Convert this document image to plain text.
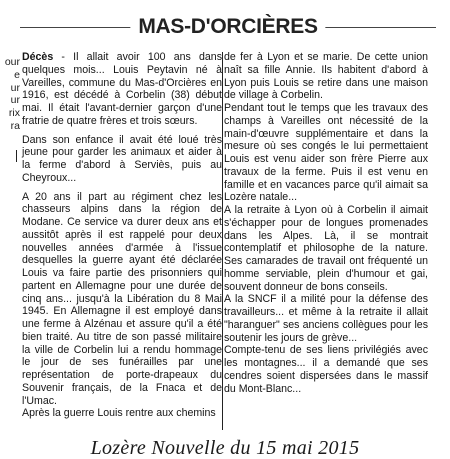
our
e
ur
ur
rix
ra
MAS-D'ORCIÈRES

Décès - Il allait avoir 100 ans dans quelques mois... Louis Peytavin né à Vareilles, commune du Mas-d'Orcières en 1916, est décédé à Corbelin (38) début mai. Il était l'avant-dernier garçon d'une fratrie de quatre frères et trois sœurs.

Dans son enfance il avait été loué très jeune pour garder les animaux et aider à la ferme d'abord à Serviès, puis au Cheyroux...

A 20 ans il part au régiment chez les chasseurs alpins dans la région de Modane. Ce service va durer deux ans et aussitôt après il est rappelé pour deux nouvelles années d'armée à l'issue desquelles la guerre ayant été déclarée Louis va faire partie des prisonniers qui partent en Allemagne pour une durée de cinq ans... jusqu'à la Libération du 8 Mai 1945. En Allemagne il est employé dans une ferme à Alzénau et assure qu'il a été bien traité. Au titre de son passé militaire la ville de Corbelin lui a rendu hommage le jour de ses funérailles par une représentation de porte-drapeaux du Souvenir français, de la Fnaca et de l'Umac.

Après la guerre Louis rentre aux chemins

de fer à Lyon et se marie. De cette union naît sa fille Annie. Ils habitent d'abord à Lyon puis Louis se retire dans une maison de village à Corbelin.

Pendant tout le temps que les travaux des champs à Vareilles ont nécessité de la main-d'œuvre supplémentaire et dans la mesure où ses congés le lui permettaient Louis est venu aider son frère Pierre aux travaux de la ferme. Puis il est venu en famille et en vacances parce qu'il aimait sa Lozère natale...

A la retraite à Lyon où à Corbelin il aimait s'échapper pour de longues promenades dans les Alpes. Là, il se montrait contemplatif et philosophe de la nature. Ses camarades de travail ont fréquenté un homme serviable, plein d'humour et gai, souvent donneur de bons conseils.

A la SNCF il a milité pour la défense des travailleurs... et même à la retraite il allait "haranguer" ses anciens collègues pour les soutenir les jours de grève...

Compte-tenu de ses liens privilégiés avec les montagnes... il a demandé que ses cendres soient dispersées dans le massif du Mont-Blanc...

Lozère Nouvelle du 15 mai 2015
